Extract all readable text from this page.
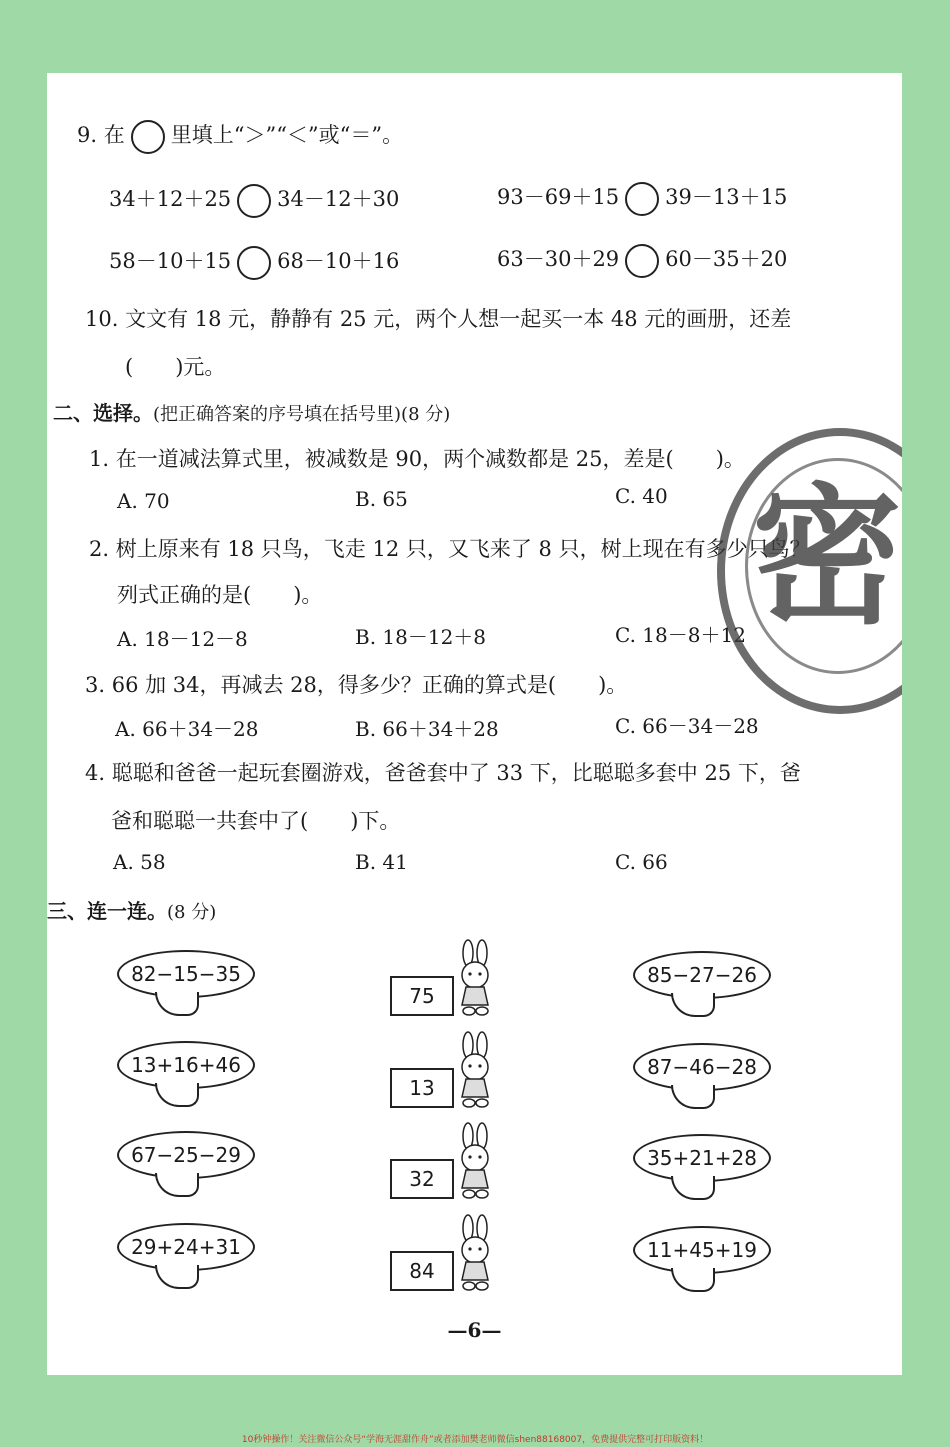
9. 在 里填上“＞”“＜”或“＝”。
34＋12＋25 34－12＋30	93－69＋15 39－13＋15
58－10＋15 68－10＋16	63－30＋29 60－35＋20
10. 文文有 18 元，静静有 25 元，两个人想一起买一本 48 元的画册，还差
(　　)元。
二、选择。(把正确答案的序号填在括号里)(8 分)
1. 在一道减法算式里，被减数是 90，两个减数都是 25，差是(　　)。
A. 70	B. 65	C. 40
2. 树上原来有 18 只鸟，飞走 12 只，又飞来了 8 只，树上现在有多少只鸟？
列式正确的是(　　)。
A. 18－12－8	B. 18－12＋8	C. 18－8＋12
3. 66 加 34，再减去 28，得多少？正确的算式是(　　)。
A. 66＋34－28	B. 66＋34＋28	C. 66－34－28
4. 聪聪和爸爸一起玩套圈游戏，爸爸套中了 33 下，比聪聪多套中 25 下，爸
爸和聪聪一共套中了(　　)下。
A. 58	B. 41	C. 66
密
三、连一连。(8 分)
82−15−35
13+16+46
67−25−29
29+24+31
75
13
32
84
85−27−26
87−46−28
35+21+28
11+45+19
—6—
10秒钟操作！关注微信公众号“学海无涯甜作舟”或者添加樊老师微信shen88168007，免费提供完整可打印版资料！
